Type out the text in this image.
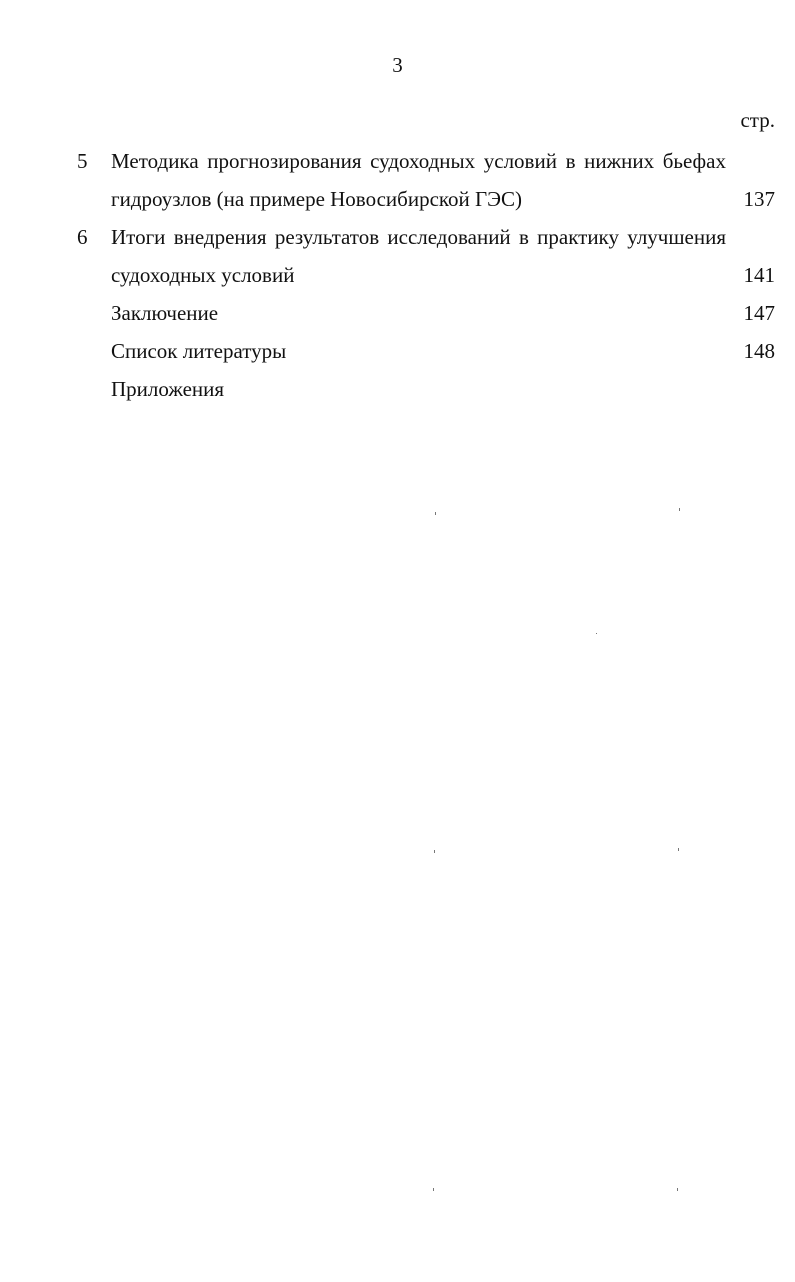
3
стр.
5 Методика прогнозирования судоходных условий в нижних бьефах
гидроузлов (на примере Новосибирской ГЭС)	137
6 Итоги внедрения результатов исследований в практику улучшения
судоходных условий	141
Заключение	147
Список литературы	148
Приложения
